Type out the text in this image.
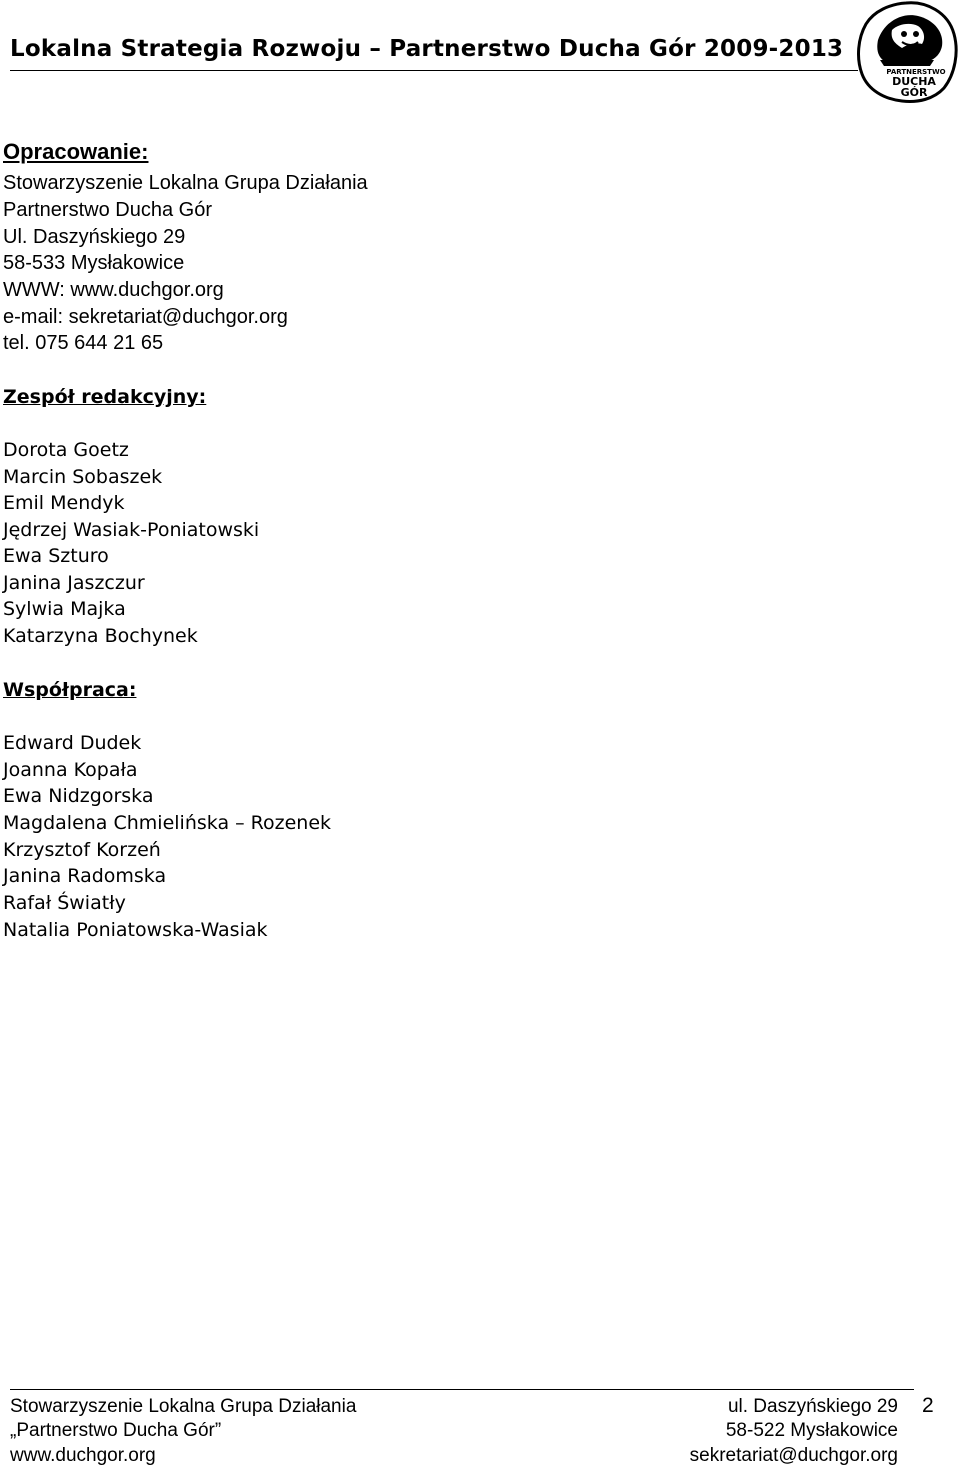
Lokalna Strategia Rozwoju – Partnerstwo Ducha Gór 2009-2013
PARTNERSTWO
DUCHA
GÓR
Opracowanie:
Stowarzyszenie Lokalna Grupa Działania
Partnerstwo Ducha Gór
Ul. Daszyńskiego 29
58-533 Mysłakowice
WWW: www.duchgor.org
e-mail: sekretariat@duchgor.org
tel. 075 644 21 65
Zespół redakcyjny:
Dorota Goetz
Marcin Sobaszek
Emil Mendyk
Jędrzej Wasiak-Poniatowski
Ewa Szturo
Janina Jaszczur
Sylwia Majka
Katarzyna Bochynek
Współpraca:
Edward Dudek
Joanna Kopała
Ewa Nidzgorska
Magdalena Chmielińska – Rozenek
Krzysztof Korzeń
Janina Radomska
Rafał Światły
Natalia Poniatowska-Wasiak
Stowarzyszenie Lokalna Grupa Działania
„Partnerstwo Ducha Gór”
www.duchgor.org
ul. Daszyńskiego 29
58-522 Mysłakowice
sekretariat@duchgor.org
2
